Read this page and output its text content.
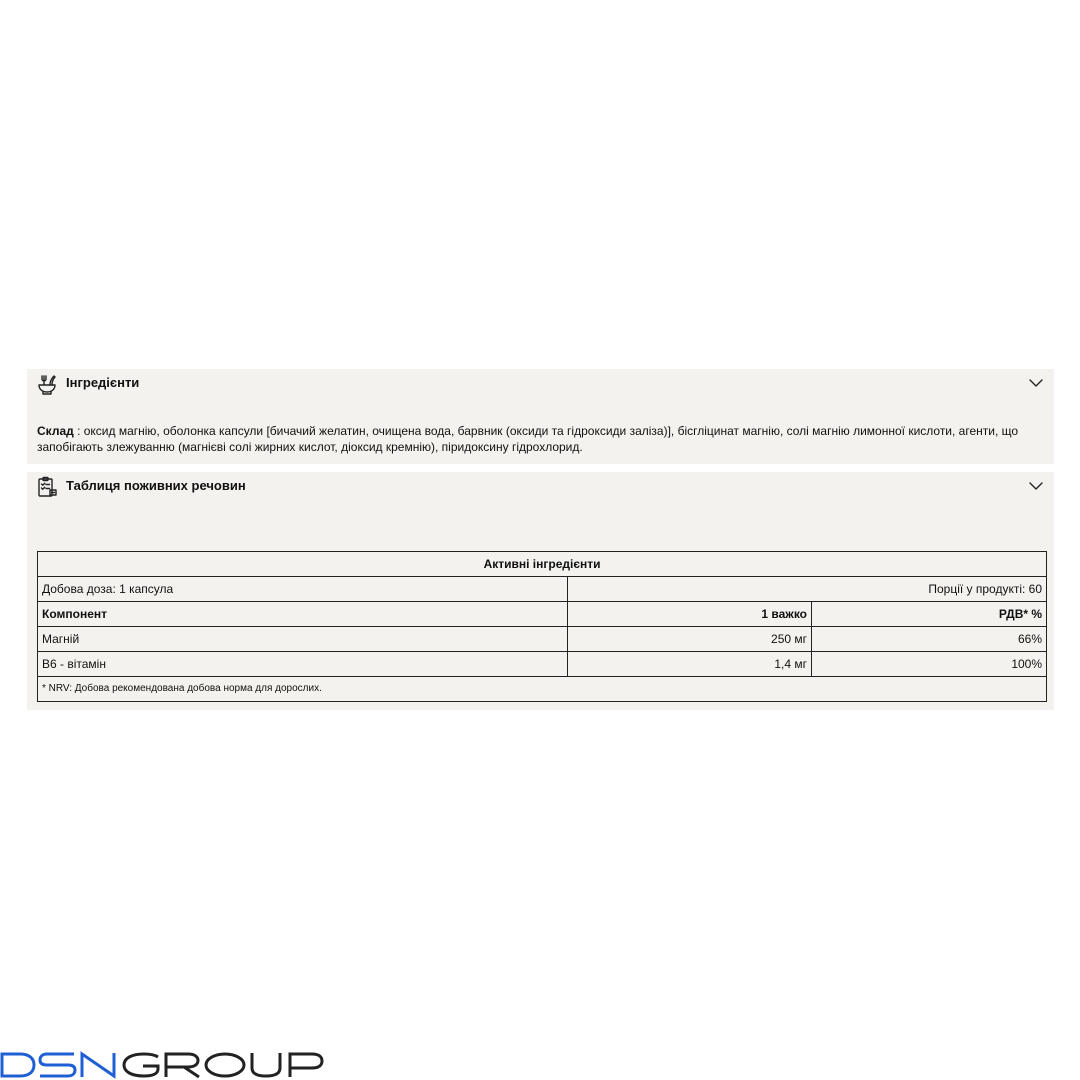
Інгредієнти

Склад : оксид магнію, оболонка капсули [бичачий желатин, очищена вода, барвник (оксиди та гідроксиди заліза)], бісгліцинат магнію, солі магнію лимонної кислоти, агенти, що запобігають злежуванню (магнієві солі жирних кислот, діоксид кремнію), піридоксину гідрохлорид.

Таблиця поживних речовин
Активні інгредієнти		
Добова доза: 1 капсула	Порції у продукті: 60	
Компонент	1 важко	РДВ* %
Магній	250 мг	66%
B6 - вітамін	1,4 мг	100%
* NRV: Добова рекомендована добова норма для дорослих.		
